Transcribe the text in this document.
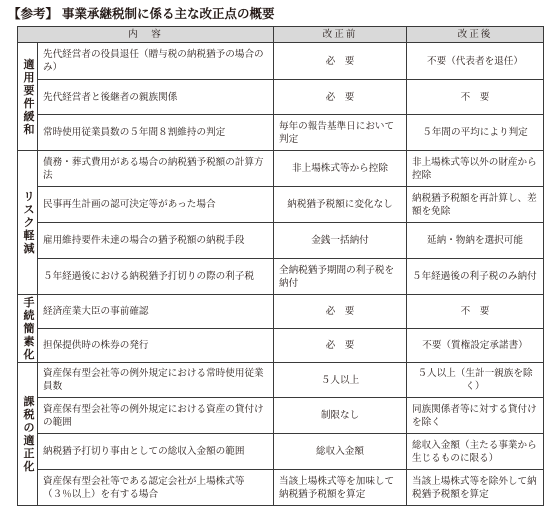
【参考】 事業承継税制に係る主な改正点の概要
内　容		改正前	改正後
適用要件緩和	先代経営者の役員退任（贈与税の納税猶予の場合のみ）	必　要	不要（代表者を退任）
	先代経営者と後継者の親族関係	必　要	不　要
	常時使用従業員数の５年間８割維持の判定	毎年の報告基準日において判定	５年間の平均により判定
リスク軽減	債務・葬式費用がある場合の納税猶予税額の計算方法	非上場株式等から控除	非上場株式等以外の財産から控除
	民事再生計画の認可決定等があった場合	納税猶予税額に変化なし	納税猶予税額を再計算し、差額を免除
	雇用維持要件未達の場合の猶予税額の納税手段	金銭一括納付	延納・物納を選択可能
	５年経過後における納税猶予打切りの際の利子税	全納税猶予期間の利子税を納付	５年経過後の利子税のみ納付
手続簡素化	経済産業大臣の事前確認	必　要	不　要
	担保提供時の株券の発行	必　要	不要（質権設定承諾書）
課税の適正化	資産保有型会社等の例外規定における常時使用従業員数	５人以上	５人以上（生計一親族を除く）
	資産保有型会社等の例外規定における資産の貸付けの範囲	制限なし	同族関係者等に対する貸付けを除く
	納税猶予打切り事由としての総収入金額の範囲	総収入金額	総収入金額（主たる事業から生じるものに限る）
	資産保有型会社等である認定会社が上場株式等（３％以上）を有する場合	当該上場株式等を加味して納税猶予税額を算定	当該上場株式等を除外して納税猶予税額を算定
